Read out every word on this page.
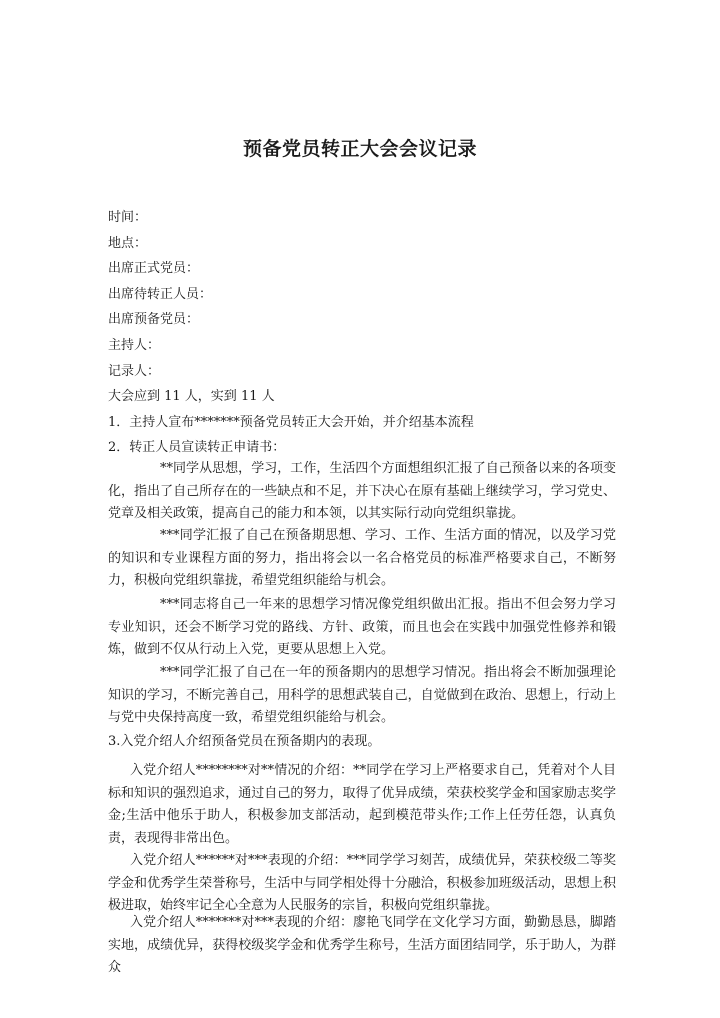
预备党员转正大会会议记录
时间：
地点：
出席正式党员：
出席待转正人员：
出席预备党员：
主持人：
记录人：
大会应到 11 人，实到 11 人
1．主持人宣布*******预备党员转正大会开始，并介绍基本流程
2．转正人员宣读转正申请书：
**同学从思想，学习，工作，生活四个方面想组织汇报了自己预备以来的各项变化，指出了自己所存在的一些缺点和不足，并下决心在原有基础上继续学习，学习党史、党章及相关政策，提高自己的能力和本领，以其实际行动向党组织靠拢。
***同学汇报了自己在预备期思想、学习、工作、生活方面的情况，以及学习党的知识和专业课程方面的努力，指出将会以一名合格党员的标准严格要求自己，不断努力，积极向党组织靠拢，希望党组织能给与机会。
***同志将自己一年来的思想学习情况像党组织做出汇报。指出不但会努力学习专业知识，还会不断学习党的路线、方针、政策，而且也会在实践中加强党性修养和锻炼，做到不仅从行动上入党，更要从思想上入党。
***同学汇报了自己在一年的预备期内的思想学习情况。指出将会不断加强理论知识的学习，不断完善自己，用科学的思想武装自己，自觉做到在政治、思想上，行动上与党中央保持高度一致，希望党组织能给与机会。
3.入党介绍人介绍预备党员在预备期内的表现。
入党介绍人********对**情况的介绍：**同学在学习上严格要求自己，凭着对个人目标和知识的强烈追求，通过自己的努力，取得了优异成绩，荣获校奖学金和国家励志奖学金;生活中他乐于助人，积极参加支部活动，起到模范带头作;工作上任劳任怨，认真负责，表现得非常出色。
入党介绍人******对***表现的介绍：***同学学习刻苦，成绩优异，荣获校级二等奖学金和优秀学生荣誉称号，生活中与同学相处得十分融洽，积极参加班级活动，思想上积极进取，始终牢记全心全意为人民服务的宗旨，积极向党组织靠拢。
入党介绍人*******对***表现的介绍：廖艳飞同学在文化学习方面，勤勤恳恳，脚踏实地，成绩优异，获得校级奖学金和优秀学生称号，生活方面团结同学，乐于助人，为群众
